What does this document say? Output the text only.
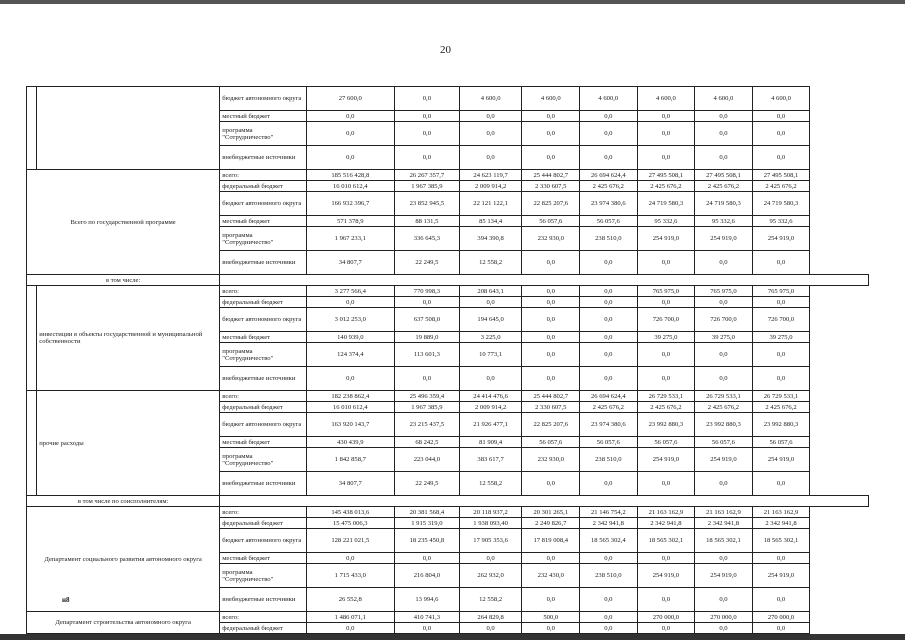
20
		бюджет автономного округа	27 600,0	0,0	4 600,0	4 600,0	4 600,0	4 600,0	4 600,0	4 600,0
		местный бюджет	0,0	0,0	0,0	0,0	0,0	0,0	0,0	0,0
		программа "Сотрудничество"	0,0	0,0	0,0	0,0	0,0	0,0	0,0	0,0
		внебюджетные источники	0,0	0,0	0,0	0,0	0,0	0,0	0,0	0,0
Всего по государственной программе		всего:	185 516 428,8	26 267 357,7	24 623 119,7	25 444 802,7	26 694 624,4	27 495 508,1	27 495 508,1	27 495 508,1
		федеральный бюджет	16 010 612,4	1 967 385,9	2 009 914,2	2 330 607,5	2 425 676,2	2 425 676,2	2 425 676,2	2 425 676,2
		бюджет автономного округа	166 932 396,7	23 852 945,5	22 121 122,1	22 825 207,6	23 974 380,6	24 719 580,3	24 719 580,3	24 719 580,3
		местный бюджет	571 378,9	88 131,5	85 134,4	56 057,6	56 057,6	95 332,6	95 332,6	95 332,6
		программа "Сотрудничество"	1 967 233,1	336 645,3	394 390,8	232 930,0	238 510,0	254 919,0	254 919,0	254 919,0
		внебюджетные источники	34 807,7	22 249,5	12 558,2	0,0	0,0	0,0	0,0	0,0
в том числе:										
	инвестиции в объекты государственной и муниципальной собственности	всего:	3 277 566,4	770 998,3	208 643,1	0,0	0,0	765 975,0	765 975,0	765 975,0
		федеральный бюджет	0,0	0,0	0,0	0,0	0,0	0,0	0,0	0,0
		бюджет автономного округа	3 012 253,0	637 508,0	194 645,0	0,0	0,0	726 700,0	726 700,0	726 700,0
		местный бюджет	140 939,0	19 889,0	3 225,0	0,0	0,0	39 275,0	39 275,0	39 275,0
		программа "Сотрудничество"	124 374,4	113 601,3	10 773,1	0,0	0,0	0,0	0,0	0,0
		внебюджетные источники	0,0	0,0	0,0	0,0	0,0	0,0	0,0	0,0
	прочие расходы	всего:	182 238 862,4	25 496 359,4	24 414 476,6	25 444 802,7	26 694 624,4	26 729 533,1	26 729 533,1	26 729 533,1
		федеральный бюджет	16 010 612,4	1 967 385,9	2 009 914,2	2 330 607,5	2 425 676,2	2 425 676,2	2 425 676,2	2 425 676,2
		бюджет автономного округа	163 920 143,7	23 215 437,5	21 926 477,1	22 825 207,6	23 974 380,6	23 992 880,3	23 992 880,3	23 992 880,3
		местный бюджет	430 439,9	68 242,5	81 909,4	56 057,6	56 057,6	56 057,6	56 057,6	56 057,6
		программа "Сотрудничество"	1 842 858,7	223 044,0	383 617,7	232 930,0	238 510,0	254 919,0	254 919,0	254 919,0
		внебюджетные источники	34 807,7	22 249,5	12 558,2	0,0	0,0	0,0	0,0	0,0
в том числе по соисполнителям:										
Департамент социального развития автономного округа		всего:	145 438 013,6	20 381 568,4	20 118 937,2	20 301 265,1	21 146 754,2	21 163 162,9	21 163 162,9	21 163 162,9
		федеральный бюджет	15 475 006,3	1 915 319,0	1 938 093,40	2 249 826,7	2 342 941,8	2 342 941,8	2 342 941,8	2 342 941,8
		бюджет автономного округа	128 221 021,5	18 235 450,8	17 905 353,6	17 819 008,4	18 565 302,4	18 565 302,1	18 565 302,1	18 565 302,1
		местный бюджет	0,0	0,0	0,0	0,0	0,0	0,0	0,0	0,0
		программа "Сотрудничество"	1 715 433,0	216 804,0	262 932,0	232 430,0	238 510,0	254 919,0	254 919,0	254 919,0
		внебюджетные источники	26 552,8	13 994,6	12 558,2	0,0	0,0	0,0	0,0	0,0
Департамент строительства автономного округа		всего:	1 486 071,1	410 741,3	264 829,8	500,0	0,0	270 000,0	270 000,0	270 000,0
		федеральный бюджет	0,0	0,0	0,0	0,0	0,0	0,0	0,0	0,0
н8
